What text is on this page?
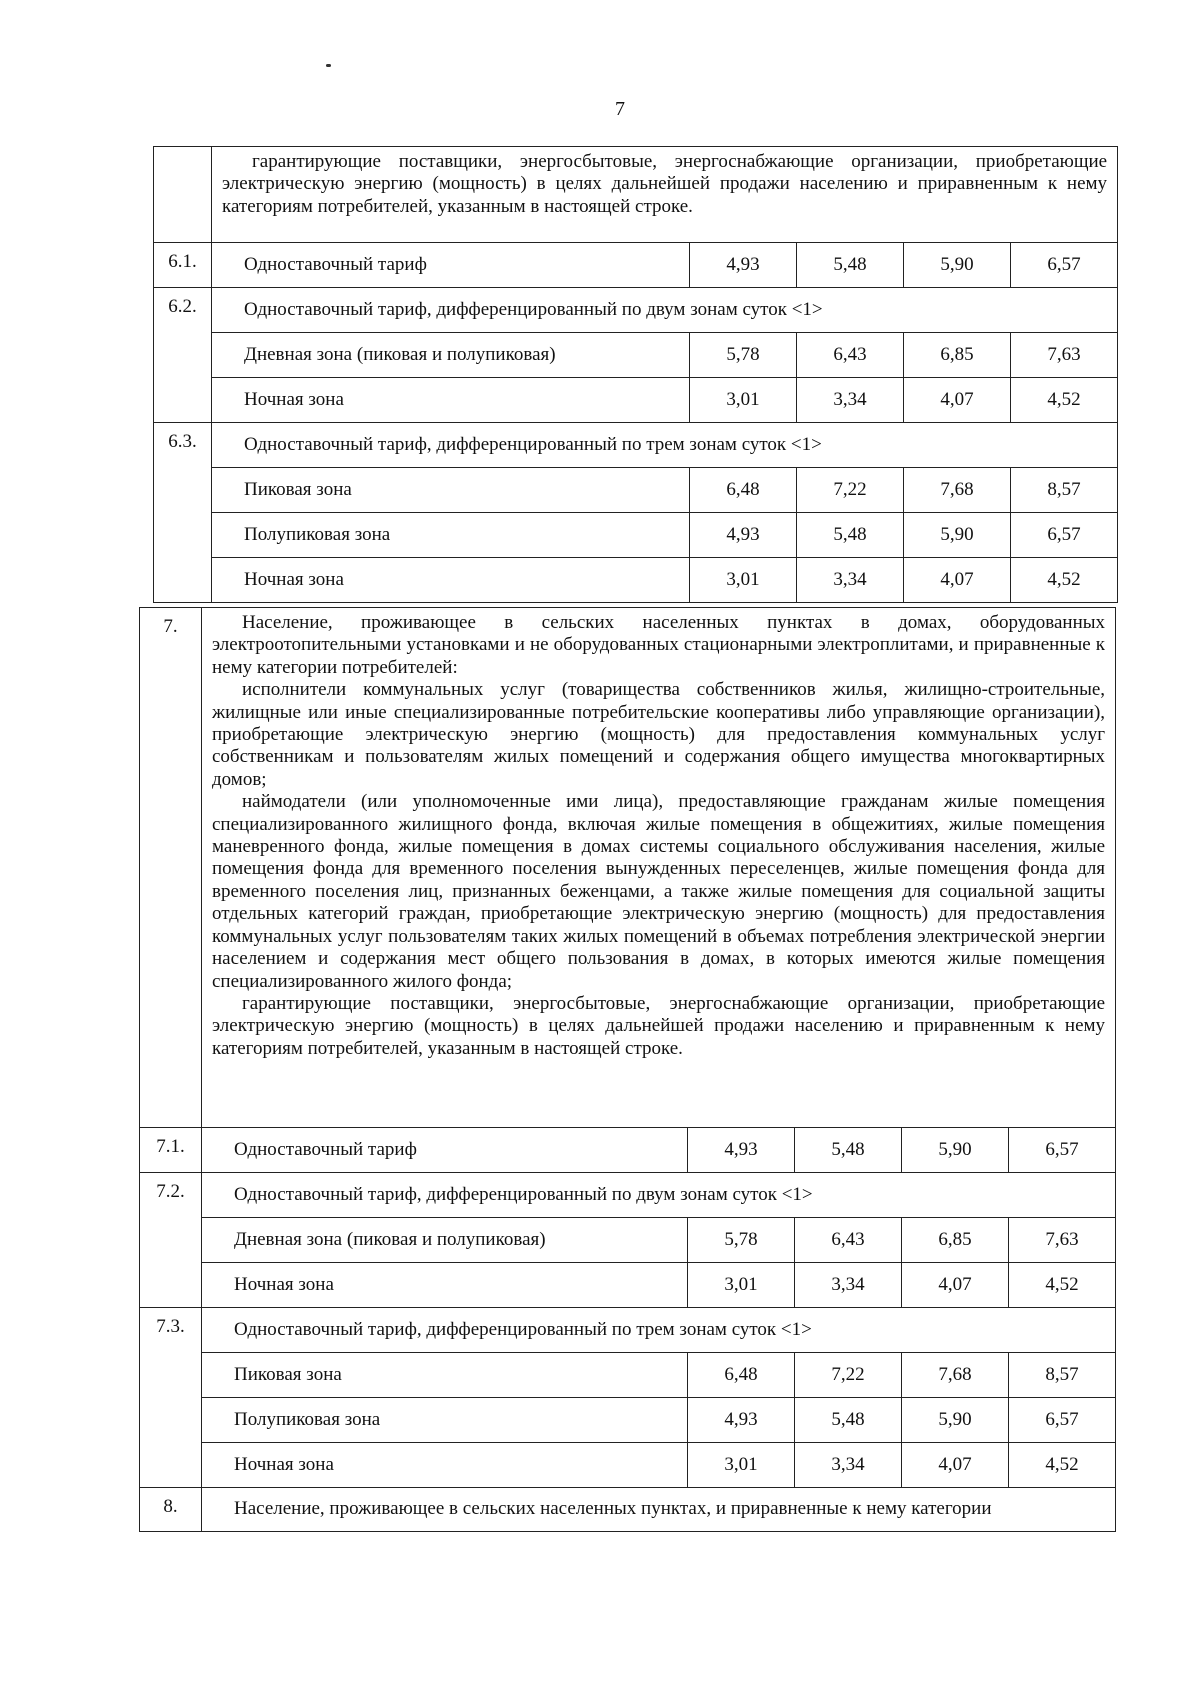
7

	гарантирующие поставщики, энергосбытовые, энергоснабжающие организации, приобретающие электрическую энергию (мощность) в целях дальнейшей продажи населению и приравненным к нему категориям потребителей, указанным в настоящей строке.				

6.1.	Одноставочный тариф	4,93	5,48	5,90	6,57
6.2.	Одноставочный тариф, дифференцированный по двум зонам суток <1>				
	Дневная зона (пиковая и полупиковая)	5,78	6,43	6,85	7,63
	Ночная зона	3,01	3,34	4,07	4,52
6.3.	Одноставочный тариф, дифференцированный по трем зонам суток <1>				
	Пиковая зона	6,48	7,22	7,68	8,57
	Полупиковая зона	4,93	5,48	5,90	6,57
	Ночная зона	3,01	3,34	4,07	4,52
7.	Население, проживающее в сельских населенных пунктах в домах, оборудованных электроотопительными установками и не оборудованных стационарными электроплитами, и приравненные к нему категории потребителей:

исполнители коммунальных услуг (товарищества собственников жилья, жилищно-строительные, жилищные или иные специализированные потребительские кооперативы либо управляющие организации), приобретающие электрическую энергию (мощность) для предоставления коммунальных услуг собственникам и пользователям жилых помещений и содержания общего имущества многоквартирных домов;

наймодатели (или уполномоченные ими лица), предоставляющие гражданам жилые помещения специализированного жилищного фонда, включая жилые помещения в общежитиях, жилые помещения маневренного фонда, жилые помещения в домах системы социального обслуживания населения, жилые помещения фонда для временного поселения вынужденных переселенцев, жилые помещения фонда для временного поселения лиц, признанных беженцами, а также жилые помещения для социальной защиты отдельных категорий граждан, приобретающие электрическую энергию (мощность) для предоставления коммунальных услуг пользователям таких жилых помещений в объемах потребления электрической энергии населением и содержания мест общего пользования в домах, в которых имеются жилые помещения специализированного жилого фонда;

гарантирующие поставщики, энергосбытовые, энергоснабжающие организации, приобретающие электрическую энергию (мощность) в целях дальнейшей продажи населению и приравненным к нему категориям потребителей, указанным в настоящей строке.				

7.1.	Одноставочный тариф	4,93	5,48	5,90	6,57
7.2.	Одноставочный тариф, дифференцированный по двум зонам суток <1>				
	Дневная зона (пиковая и полупиковая)	5,78	6,43	6,85	7,63
	Ночная зона	3,01	3,34	4,07	4,52
7.3.	Одноставочный тариф, дифференцированный по трем зонам суток <1>				
	Пиковая зона	6,48	7,22	7,68	8,57
	Полупиковая зона	4,93	5,48	5,90	6,57
	Ночная зона	3,01	3,34	4,07	4,52
8.	Население, проживающее в сельских населенных пунктах, и приравненные к нему категории				
